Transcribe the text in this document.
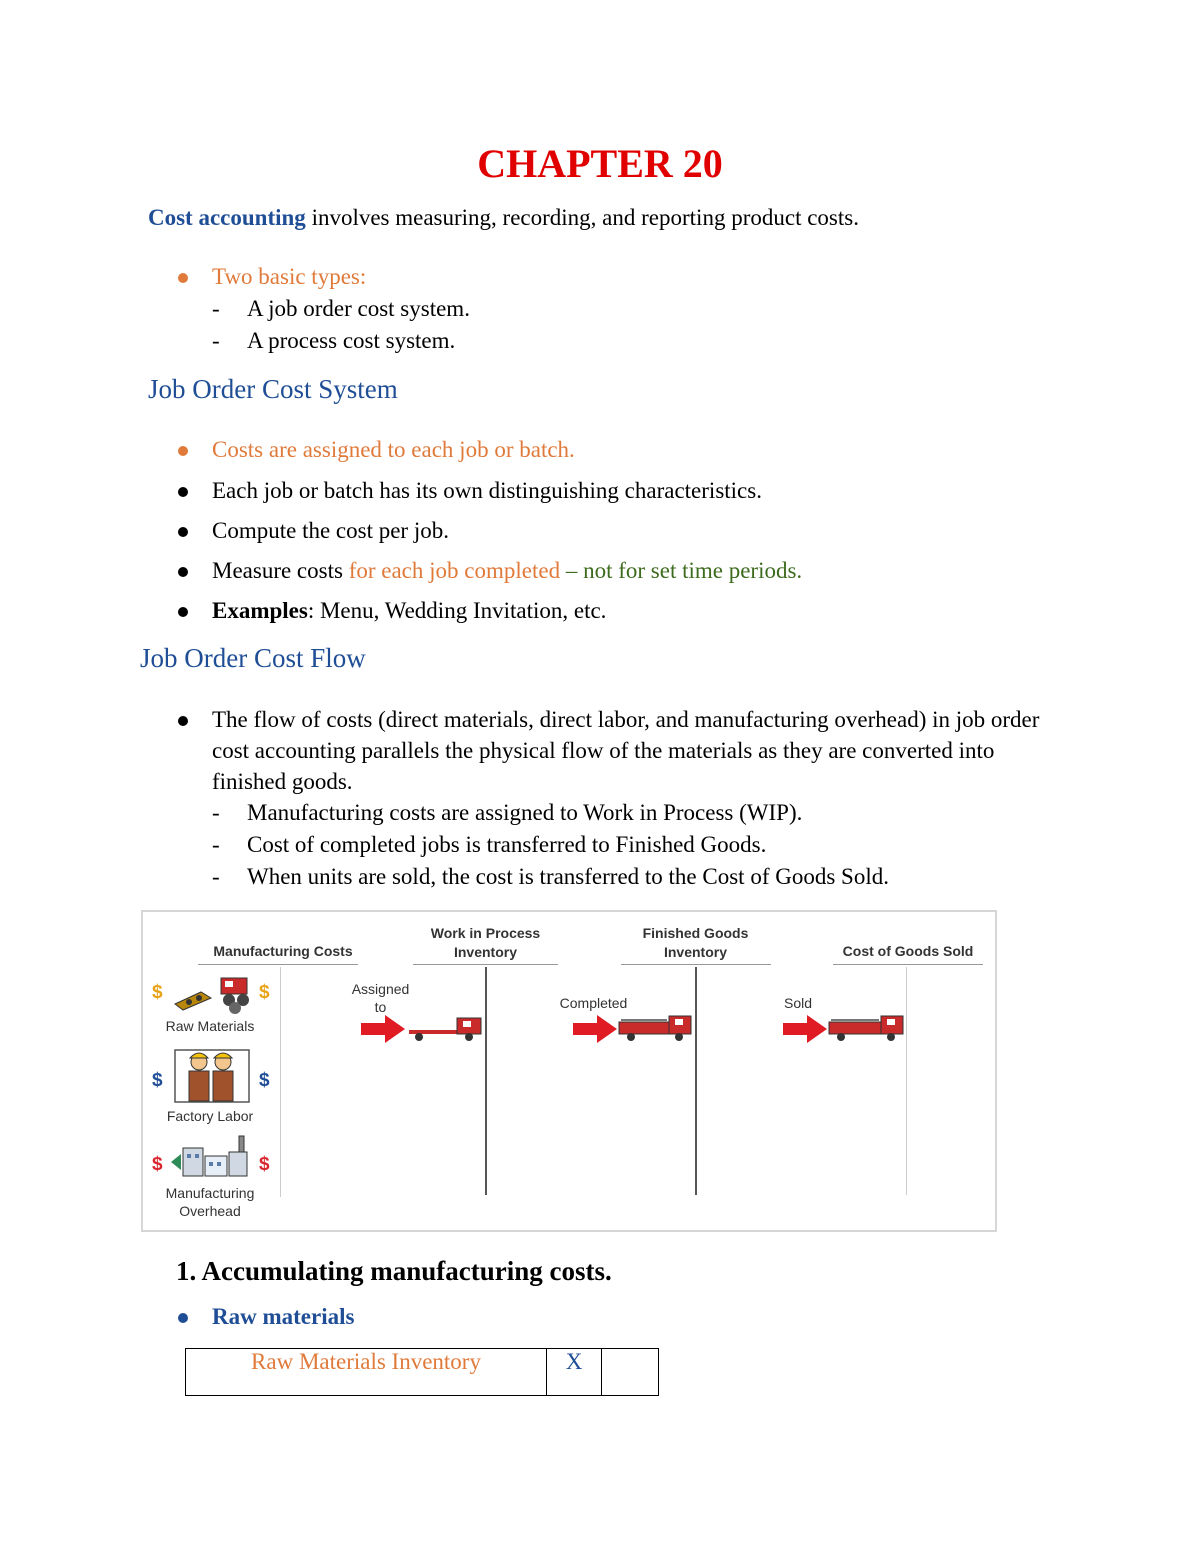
CHAPTER 20
Cost accounting involves measuring, recording, and reporting product costs.
Two basic types:
- A job order cost system.
- A process cost system.
Job Order Cost System
Costs are assigned to each job or batch.
Each job or batch has its own distinguishing characteristics.
Compute the cost per job.
Measure costs for each job completed – not for set time periods.
Examples: Menu, Wedding Invitation, etc.
Job Order Cost Flow
The flow of costs (direct materials, direct labor, and manufacturing overhead) in job order cost accounting parallels the physical flow of the materials as they are converted into finished goods.
- Manufacturing costs are assigned to Work in Process (WIP).
- Cost of completed jobs is transferred to Finished Goods.
- When units are sold, the cost is transferred to the Cost of Goods Sold.
Manufacturing Costs
Work in Process
Inventory
Finished Goods
Inventory	Cost of Goods Sold
$	$
Raw Materials
$	$
Factory Labor
$	$
Manufacturing
Overhead
Assigned
to	Completed	Sold
1. Accumulating manufacturing costs.
Raw materials
Raw Materials Inventory	X	
